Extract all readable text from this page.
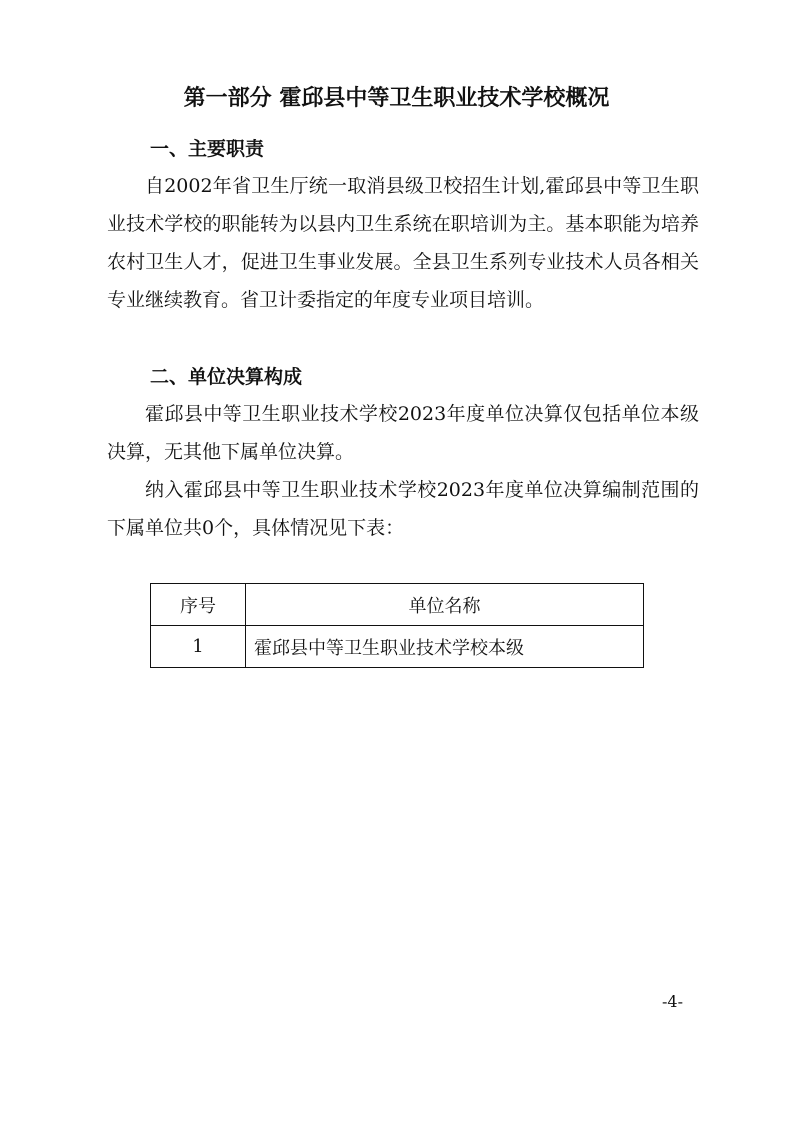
第一部分 霍邱县中等卫生职业技术学校概况
一、主要职责

自2002年省卫生厅统一取消县级卫校招生计划,霍邱县中等卫生职业技术学校的职能转为以县内卫生系统在职培训为主。基本职能为培养农村卫生人才，促进卫生事业发展。全县卫生系列专业技术人员各相关专业继续教育。省卫计委指定的年度专业项目培训。

二、单位决算构成

霍邱县中等卫生职业技术学校2023年度单位决算仅包括单位本级决算，无其他下属单位决算。

纳入霍邱县中等卫生职业技术学校2023年度单位决算编制范围的下属单位共0个，具体情况见下表：

序号	单位名称
1	霍邱县中等卫生职业技术学校本级
-4-
